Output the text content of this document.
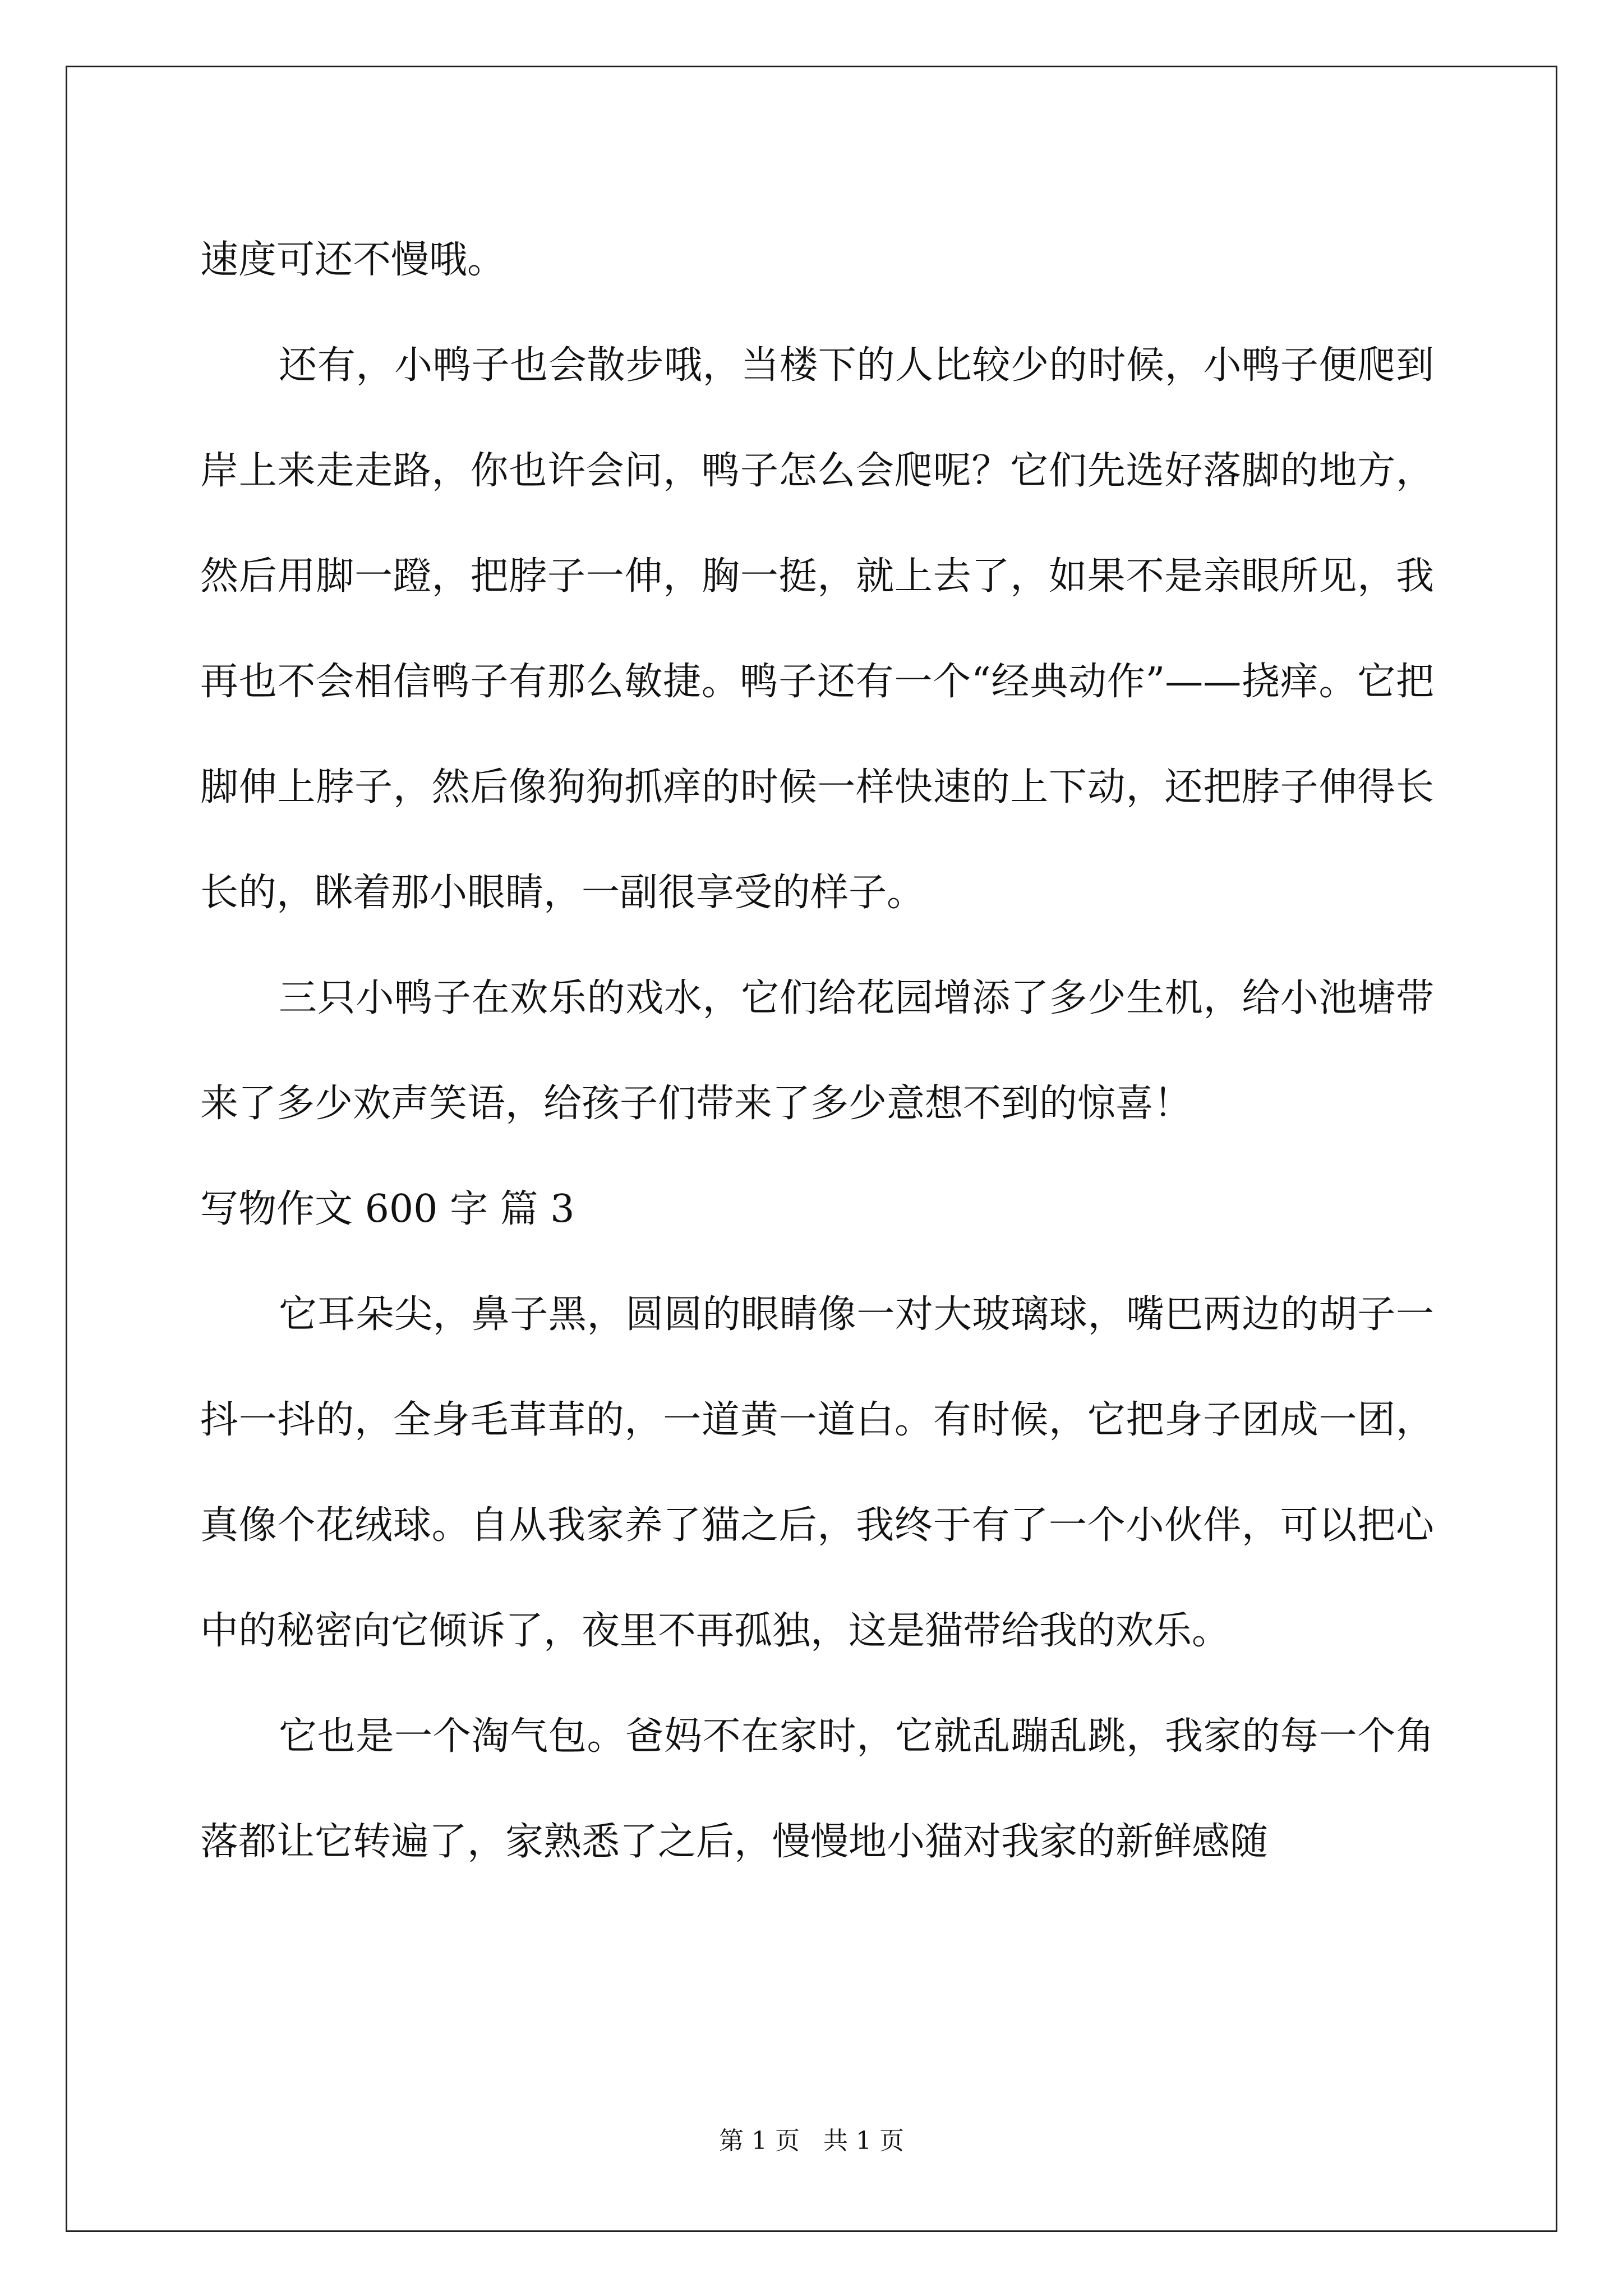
速度可还不慢哦。

还有，小鸭子也会散步哦，当楼下的人比较少的时候，小鸭子便爬到岸上来走走路，你也许会问，鸭子怎么会爬呢？它们先选好落脚的地方，然后用脚一蹬，把脖子一伸，胸一挺，就上去了，如果不是亲眼所见，我再也不会相信鸭子有那么敏捷。鸭子还有一个“经典动作”——挠痒。它把脚伸上脖子，然后像狗狗抓痒的时候一样快速的上下动，还把脖子伸得长长的，眯着那小眼睛，一副很享受的样子。

三只小鸭子在欢乐的戏水，它们给花园增添了多少生机，给小池塘带来了多少欢声笑语，给孩子们带来了多少意想不到的惊喜！

写物作文 600 字 篇 3

它耳朵尖，鼻子黑，圆圆的眼睛像一对大玻璃球，嘴巴两边的胡子一抖一抖的，全身毛茸茸的，一道黄一道白。有时候，它把身子团成一团，真像个花绒球。自从我家养了猫之后，我终于有了一个小伙伴，可以把心中的秘密向它倾诉了，夜里不再孤独，这是猫带给我的欢乐。

它也是一个淘气包。爸妈不在家时，它就乱蹦乱跳，我家的每一个角落都让它转遍了，家熟悉了之后，慢慢地小猫对我家的新鲜感随

第 1 页   共 1 页
